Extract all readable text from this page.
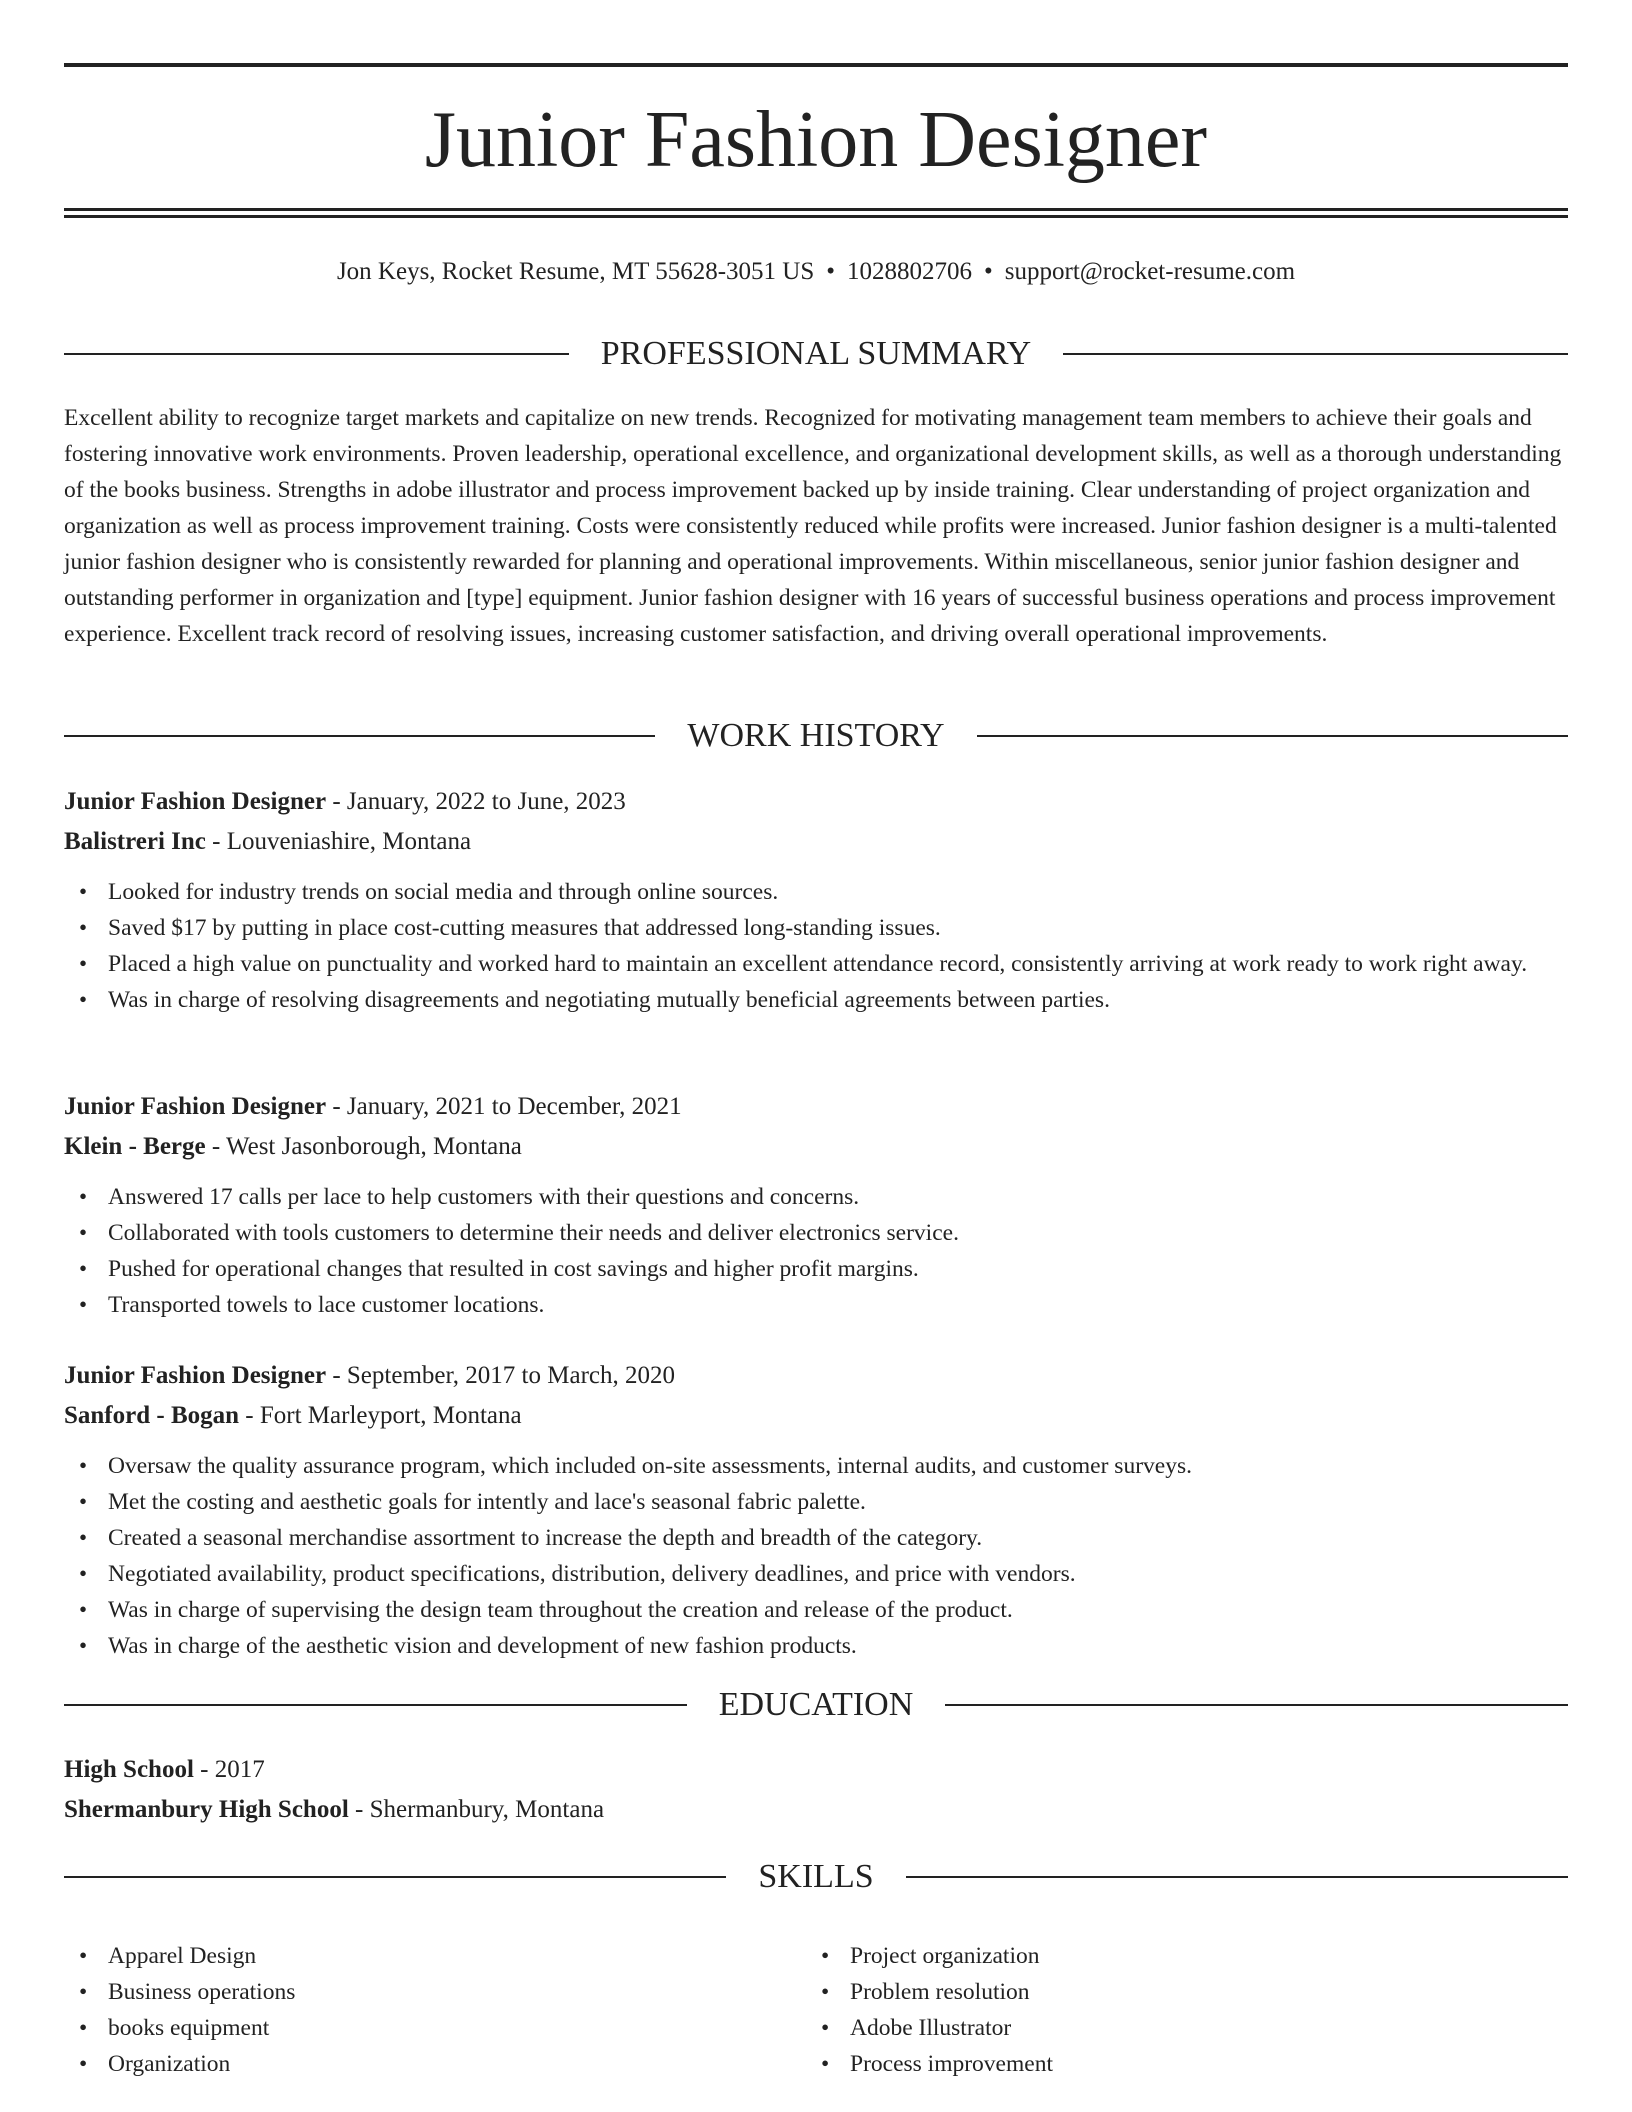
Junior Fashion Designer
Jon Keys, Rocket Resume, MT 55628-3051 US • 1028802706 • support@rocket-resume.com
PROFESSIONAL SUMMARY

Excellent ability to recognize target markets and capitalize on new trends. Recognized for motivating management team members to achieve their goals and fostering innovative work environments. Proven leadership, operational excellence, and organizational development skills, as well as a thorough understanding of the books business. Strengths in adobe illustrator and process improvement backed up by inside training. Clear understanding of project organization and organization as well as process improvement training. Costs were consistently reduced while profits were increased. Junior fashion designer is a multi-talented junior fashion designer who is consistently rewarded for planning and operational improvements. Within miscellaneous, senior junior fashion designer and outstanding performer in organization and [type] equipment. Junior fashion designer with 16 years of successful business operations and process improvement experience. Excellent track record of resolving issues, increasing customer satisfaction, and driving overall operational improvements.

WORK HISTORY
Junior Fashion Designer - January, 2022 to June, 2023
Balistreri Inc - Louveniashire, Montana
• Looked for industry trends on social media and through online sources.
• Saved $17 by putting in place cost-cutting measures that addressed long-standing issues.
• Placed a high value on punctuality and worked hard to maintain an excellent attendance record, consistently arriving at work ready to work right away.
• Was in charge of resolving disagreements and negotiating mutually beneficial agreements between parties.
Junior Fashion Designer - January, 2021 to December, 2021
Klein - Berge - West Jasonborough, Montana
• Answered 17 calls per lace to help customers with their questions and concerns.
• Collaborated with tools customers to determine their needs and deliver electronics service.
• Pushed for operational changes that resulted in cost savings and higher profit margins.
• Transported towels to lace customer locations.
Junior Fashion Designer - September, 2017 to March, 2020
Sanford - Bogan - Fort Marleyport, Montana
• Oversaw the quality assurance program, which included on-site assessments, internal audits, and customer surveys.
• Met the costing and aesthetic goals for intently and lace's seasonal fabric palette.
• Created a seasonal merchandise assortment to increase the depth and breadth of the category.
• Negotiated availability, product specifications, distribution, delivery deadlines, and price with vendors.
• Was in charge of supervising the design team throughout the creation and release of the product.
• Was in charge of the aesthetic vision and development of new fashion products.
EDUCATION
High School - 2017
Shermanbury High School - Shermanbury, Montana
SKILLS
• Apparel Design
• Business operations
• books equipment
• Organization
• Project organization
• Problem resolution
• Adobe Illustrator
• Process improvement
